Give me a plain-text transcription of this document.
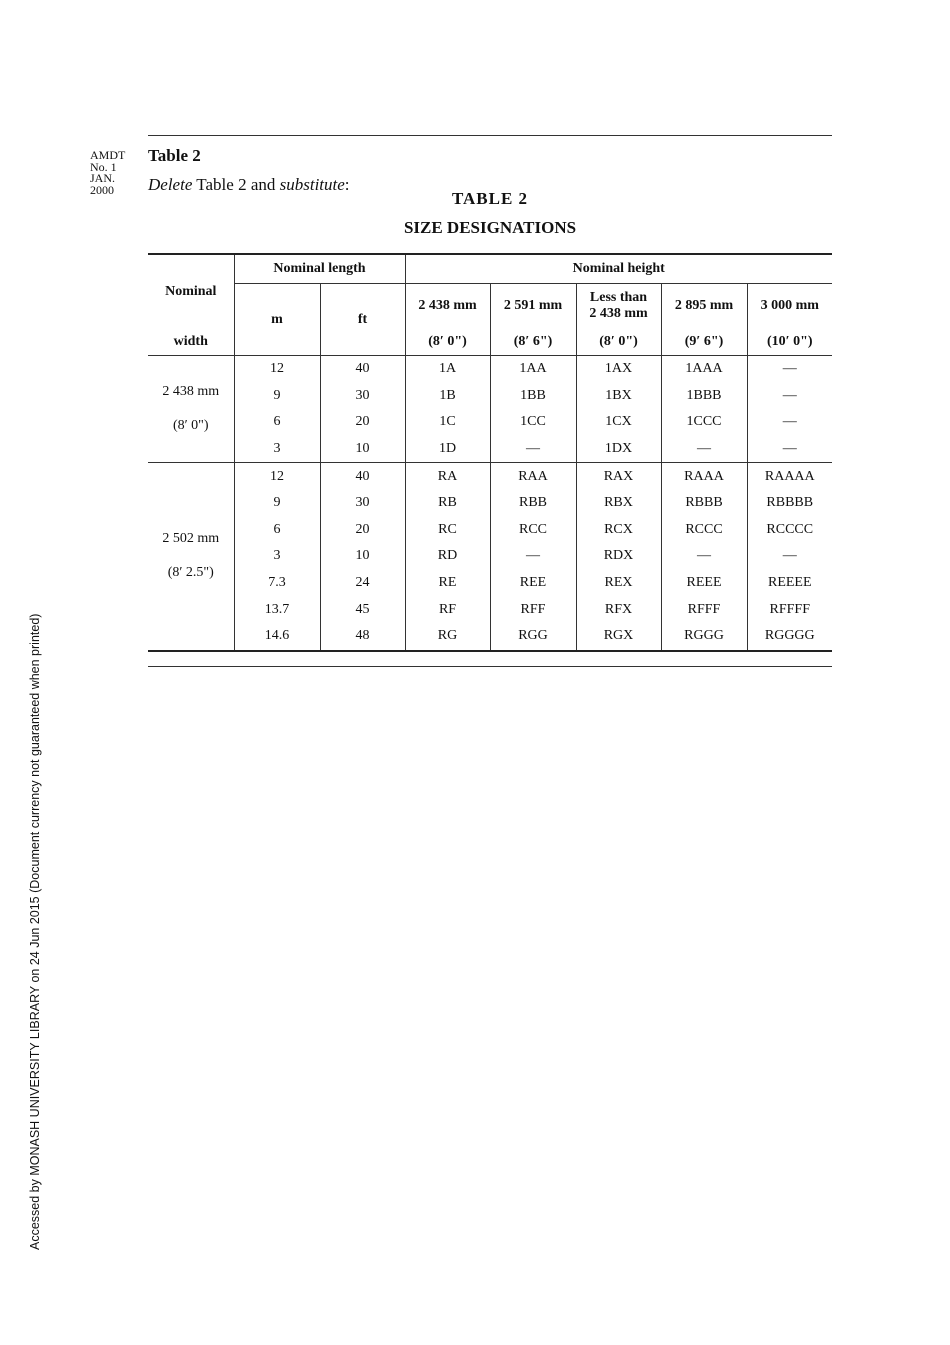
AMDT
No. 1
JAN.
2000
Table 2
Delete Table 2 and substitute:
TABLE 2
SIZE DESIGNATIONS
Nominal	Nominal length		Nominal height				
	m	ft	2 438 mm	2 591 mm	Less than 2 438 mm	2 895 mm	3 000 mm
width			(8′ 0")	(8′ 6")	(8′ 0")	(9′ 6")	(10′ 0")

2 438 mm
(8′ 0")	12	40	1A	1AA	1AX	1AAA	—
	9	30	1B	1BB	1BX	1BBB	—
	6	20	1C	1CC	1CX	1CCC	—
	3	10	1D	—	1DX	—	—

2 502 mm
(8′ 2.5")	12	40	RA	RAA	RAX	RAAA	RAAAA
	9	30	RB	RBB	RBX	RBBB	RBBBB
	6	20	RC	RCC	RCX	RCCC	RCCCC
	3	10	RD	—	RDX	—	—
	7.3	24	RE	REE	REX	REEE	REEEE
	13.7	45	RF	RFF	RFX	RFFF	RFFFF
	14.6	48	RG	RGG	RGX	RGGG	RGGGG
Accessed by MONASH UNIVERSITY LIBRARY on 24 Jun 2015 (Document currency not guaranteed when printed)
